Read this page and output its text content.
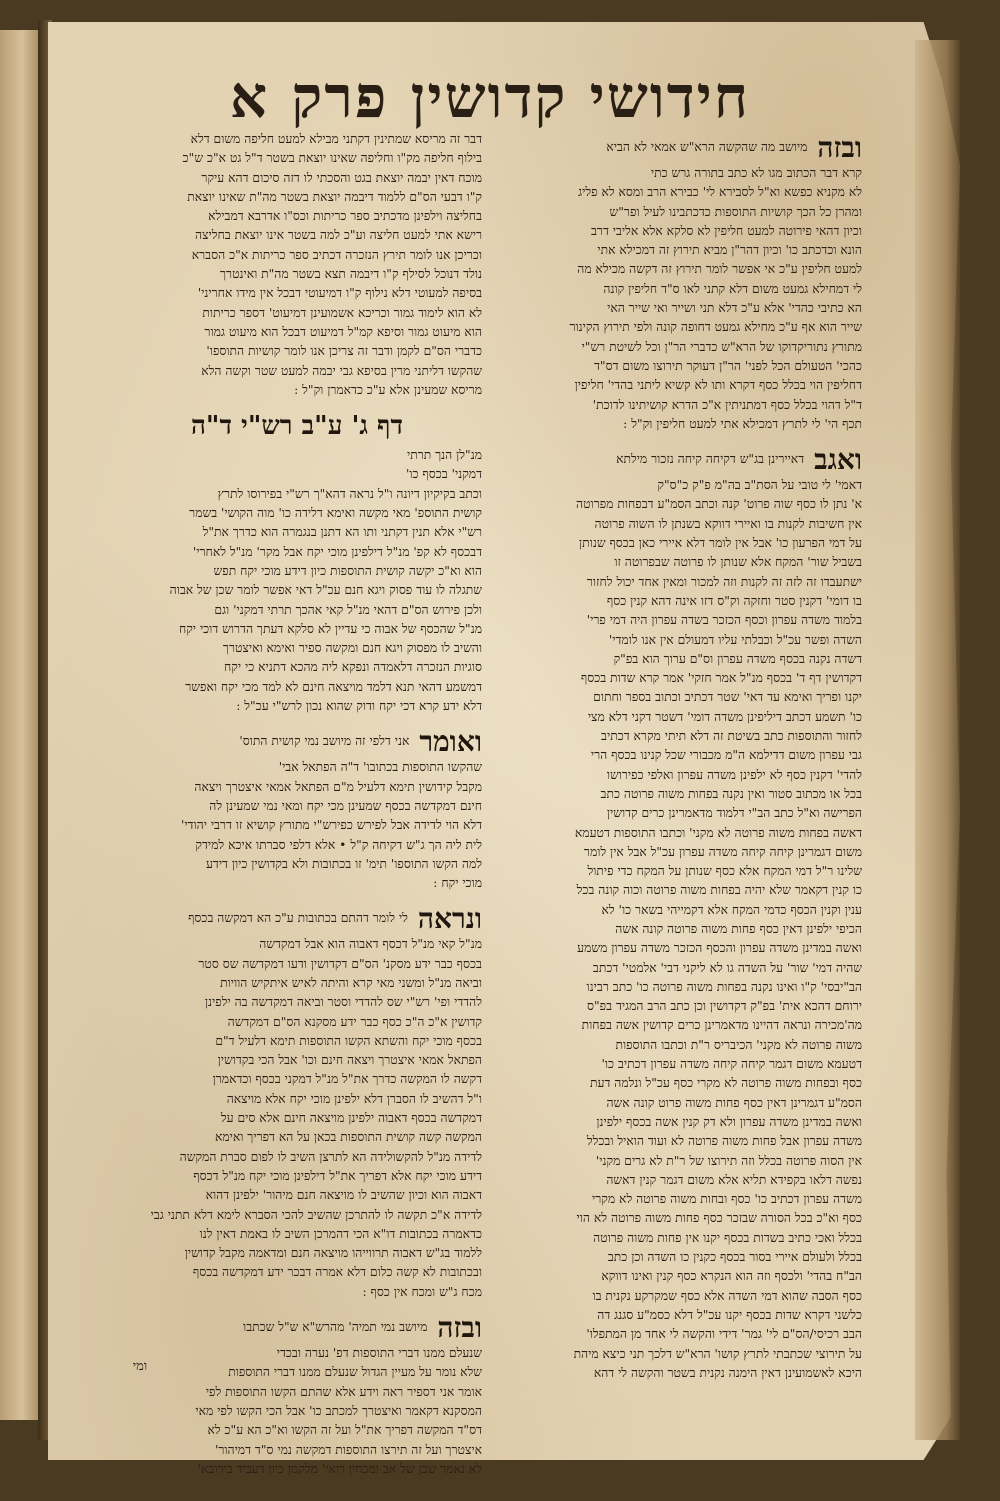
חידושי קדושין פרק א
ובזהמיושב מה שהקשה הרא"ש אמאי לא הביא
קרא דבר הכתוב מגו לא כתב בתורה גרש כתי
לא מקניא כפשא וא"ל לסבירא לי' כבירא הרב ומסא לא פליג
ומהרן כל הכך קושיות התוספות כדכתבינו לעיל ופר"ש
וכיון דהאי פירוטה למעט חליפין לא סלקא אלא אליבי דרב
הונא וכדכתב כו' וכיון דהר"ן מביא תירוץ זה דמכילא אתי
למעט חליפין ע"כ אי אפשר לומר תירוץ זה דקשה מכילא מה
לי דמחילא גמעט משום דלא קתני לאו ס"ד חליפין קונה
הא כתיבי כהדי' אלא ע"כ דלא תני ושייר ואי שייר האי
שייר הוא אף ע"כ מחילא גמעט דחופה קונה ולפי תירוץ הקינור
מתורץ נתוריקדוקו של הרא"ש כדברי הר"ן וכל לשיטת רש"י
כהכי' הטעולם הכל לפני' הר"ן דעוקר תירוצו משום דס"ד
דחליפין הוי בכלל כסף דקרא ותו לא קשיא ליתני בהדי' חליפין
ד"ל דהוי בכלל כסף דמתניתין א"כ הדרא קושיתינו לדוכת'
תכף הי' לי לתרץ דמכילא אתי למעט חליפין וק"ל :
ואגבדאיירינן בג"ש דקיחה קיחה נזכור מילתא
דאמי' לי טובי על הסת"ב בה"מ פ"ק כ"ס"ק
א' נתן לו כסף שוה פרוט' קנה וכתב הסמ"ע דבפחות מפרוטה
אין חשיבות לקנות בו ואיירי דווקא בשנתן לו השוה פרוטה
על דמי הפרעון כו' אבל אין לומר דלא איירי כאן בכסף שנותן
בשביל שור' המקח אלא שנותן לו פרוטה שבפרוטה זו
ישתעבדו זה לזה זה לקנות וזה למכור ומאין אחד יכול לחזור
בו דומי' דקנין סטר וחזקה וק"ס דזו אינה דהא קנין כסף
בלמוד משדה עפרון וכסף הכזכר בשדה עפרון היה דמי פרי'
השדה ופשר עכ"ל וכבלתי עליו דמעולם אין אנו לומדי'
דשדה נקנה בכסף משדה עפרון וס"ם ערוך הוא בפ"ק
דקדושין דף ד' בכסף מנ"ל אמר חזקי' אמר קרא שדות בכסף
יקנו ופריך ואימא עד דאי' שטר דכתיב וכתוב בספר וחתום
כו' תשמע דכתב דיליפינן משדה דומי' דשטר דקני דלא מצי
לחזור והתוספות כתב בשיטת זה דלא תיתי מקרא דכתיב
גבי עפרון משום דדילמא ה"מ מכבורי שכל קנינו בכסף הרי
להדי' דקנין כסף לא ילפינן משדה עפרון ואלפי כפירושו
בכל או מכתוב סטור ואין נקנה בפחות משוה פרוטה כתב
הפרישה וא"ל כתב הב"י דלמוד מדאמרינן כרים קדושין
דאשה בפחות משוה פרוטה לא מקני' וכתבו התוספות דטעמא
משום דגמרינן קיחה קיחה משדה עפרון עכ"ל אבל אין לומר
שלינו ר"ל דמי המקח אלא כסף שנותן על המקח כדי פיתול
כו קנין דקאמר שלא יהיה בפחות משוה פרוטה וכוה קונה בכל
ענין וקנין הכסף כדמי המקח אלא דקמייהי בשאר כו' לא
הכיפי ילפינן דאין כסף פחות משוה פרוטה קונה אשה
ואשה במדינן משדה עפרון והכסף הכזכר משדה עפרון משמע
שהיה דמי' שור' על השדה גו לא ליקני דבי' אלמטי' דכתב
הב"יבסי' ק"ו ואינו נקנה בפחות משוה פרוטה כו' כתב רבינו
ירוחם דהכא אית' בפ"ק דקדושין וכן כתב הרב המגיד בפ"ס
מה'מכירה ונראה דהיינו מדאמרינן כרים קדושין אשה בפחות
משוה פרוטה לא מקני' הכיבריס ר"ת וכתבו התוספות
דטעמא משום דגמר קיחה קיחה משדה עפרון דכתיב כו'
כסף ובפחות משוה פרוטה לא מקרי כסף עכ"ל ונלמה דעת
הסמ"ע דגמרינן דאין כסף פחות משוה פרוט קונה אשה
ואשה במדינן משדה עפרון ולא דק קנין אשה בכסף ילפינן
משדה עפרון אבל פחות משוה פרוטה לא ועוד הואיל ובכלל
אין הסוה פרוטה בכלל וזה תירוצו של ר"ת לא גרים מקני'
נפשה דלאו בקפידא תליא אלא משום דגמר קנין דאשה
משדה עפרון דכתיב כו' כסף ובחות משוה פרוטה לא מקרי
כסף וא"כ בכל הסורה שבזכר כסף פחות משוה פרוטה לא הוי
בכלל ואכי כתיב בשדות בכסף יקנו אין פחות משוה פרוטה
בכלל ולעולם איירי בסור בכסף כקנין כו השדה וכן כתב
הב"ח בהדי' ולכסף וזה הוא הנקרא כסף קנין ואינו דווקא
כסף הסבה שהוא דמי השדה אלא כסף שמקרקע נקנית בו
כלשני דקרא שדות בכסף יקנו עכ"ל דלא כסמ"ע סגנג דה
הבב רכיסי/הס"ם לי' גמר' דידי והקשה לי אחד מן המתפלו'
על תירוצי שכתבתי לתרץ קושו' הרא"ש דלכך תני כיצא מיהת
היכא לאשמועינן דאין הימנה נקנית בשטר והקשה לי דהא
דבר זה מריסא שמתינין דקתני מבילא למעט חליפה משום דלא
בילוף חליפה מק"ו וחליפה שאינו יוצאת בשטר ד"ל גט א"כ ש"כ
מוכח דאין יבמה יוצאת בגט והסכתי לו דזה סיכום דהא עיקר
ק"ו דבעי הס"ם ללמוד דיבמה יוצאת בשטר מה"ת שאינו יוצאת
בחליצה וילפינן מדכתיב ספר כריתות וכס"ו אדרבא דמבילא
רישא אתי למעט חליצה וע"כ למה בשטר אינו יוצאת בחליצה
וכריכן אנו לומר תירץ הנזכרה דכתיב ספר כריתות א"כ הסברא
נולד דנוכל לסילף ק"ו דיבמה תצא בשטר מה"ת ואינטרך
בסיפה למעוטי דלא נילוף ק"ו דמיעוטי דבכל אין מידו אחריני'
לא הוא לימוד גמור וכריכא אשמועינן דמיעוט' דספר כריתות
הוא מיעוט גמור וסיפא קמ"ל דמיעוט דבכל הוא מיעוט גמור
כדברי הס"ם לקמן ודבר זה צריכן אנו לומר קושיות התוספו'
שהקשו דליתני מרין בסיפא גבי יבמה למעט שטר וקשה הלא
מריסא שמעינן אלא ע"כ כדאמרן וק"ל :
דף ג' ע"ב רש"י ד"ה
מנ"לן הנך תרתי
דמקני' בכסף כו'
וכתב בקיקיון דיונה ו"ל נראה דהא"ך רש"י בפירוסו לתרץ
קושית התוספ' מאי מקשה ואימא דלידה כו' מוה הקושי' בשמר
רש"י אלא תנין דקתני ותו הא דתנן בנגמרה הוא כדרך את"ל
דבכסף לא קפ' מנ"ל דילפינן מוכי יקח אבל מקר' מנ"ל לאחרי'
הוא וא"כ יקשה קושית התוספות כיון דידע מוכי יקח תפש
שתגלה לו עוד פסוק ויגא חנם עכ"ל דאי אפשר לומר שכן של אבוה
ולכן פירוש הס"ם דהאי מנ"ל קאי אהכך תרתי דמקני' וגם
מנ"ל שהכסף של אבוה כי עדיין לא סלקא דעתך הדרוש דוכי יקח
והשיב לו מפסוק ויגא חנם ומקשה ספיר ואימא ואיצטרך
סוגיות הנזכרה דלאמדה ונפקא ליה מהכא דתניא כי יקח
דמשמע דהאי תנא דלמד מויצאה חינם לא למד מכי יקח ואפשר
דלא ידע קרא דכי יקח ודוק שהוא נכון לרש"י עכ"ל :
ואומראני דלפי זה מיושב נמי קושית התוס'
שהקשו התוספות בכתובו' ד"ה הפתאל אבי'
מקבל קידושין תימא דלעיל מ"ם הפתאל אמאי איצטרך ויצאה
חינם דמקדשה בכסף שמעינן מכי יקח ומאי נמי שמעינן לה
דלא הוי לדידה אבל לפירש כפירש"י מתורץ קושיא זו דרבי יהודי'
לית ליה הך ג"ש דקיחה ק"ל • אלא דלפי סברתו איכא למידק
למה הקשו התוספו' תימ' זו בכתובות ולא בקדושין כיון דידע
מוכי יקח :
ונראהלי לומר דהתם בכתובות ע"כ הא דמקשה בכסף
מנ"ל קאי מנ"ל דכסף דאבוה הוא אבל דמקדשה
בכסף כבר ידע מסקנ' הס"ם דקדושין ודעו דמקדשה שס סטר
וביאה מנ"ל ומשני מאי קרא והיתה לאיש איתקיש הוויות
להדדי ופי' רש"י שס להדדי וסטר וביאה דמקדשה בה ילפינן
קדושין א"כ ה"כ כסף כבר ידע מסקנא הס"ם דמקדשה
בכסף מוכי יקח והשתא הקשו התוספות תימא דלעיל ד"ם
הפתאל אמאי איצטרך ויצאה חינם וכו' אבל הכי בקדושין
דקשה לו המקשה כדרך את"ל מנ"ל דמקני בכסף וכדאמרן
ו"ל דהשיב לו הסברן דלא ילפינן מוכי יקח אלא מויצאה
דמקדשה בכסף דאבוה ילפינן מויצאה חינם אלא סים על
המקשה קשה קושית התוספות בכאן על הא דפריך ואימא
לדידה מנ"ל להקשולידה הא לתרצן השיב לו לפום סברת המקשה
דידע מוכי יקח אלא דפריך את"ל דילפינן מוכי יקח מנ"ל דכסף
דאבוה הוא וכיון שהשיב לו מויצאה חנם מיהור' ילפינן דהוא
לדידה א"כ תקשה לו להתרכן שהשיב להכי הסברא לימא דלא תתני גבי
כדאמרה בכתובות דו"א הכי דהמרכן השיב לו באמת דאין לנו
ללמוד בג"ש דאבוה תרווייהו מויצאה חנם ומדאמה מקבל קדושין
ובכתובות לא קשה כלום דלא אמרה דבכר ידע דמקדשה בכסף
מכח ג"ש ומכח אין כסף :
ובזהמיושב נמי תמיה' מהרש"א ש"ל שכתבו
שנעלם ממנו דברי התוספות דפ' נערה ובכדי
שלא נומר על מעיין הגדול שנעלם ממנו דברי התוספות
אומר אני דספיר ראה וידע אלא שהתם הקשו התוספות לפי
המסקנא דקאמר ואיצטרך למכתב כו' אבל הכי הקשו לפי מאי
דס"ד המקשה דפריך את"ל ועל זה הקשו וא"כ הא ע"כ לא
איצטרך ועל זה תירצו התוספות דמקשה נמי ס"ד דמיהור'
לא נאמר שכן של אב ומכחין רואי' מלקמן כיון דעביד בירובא'
ומי
